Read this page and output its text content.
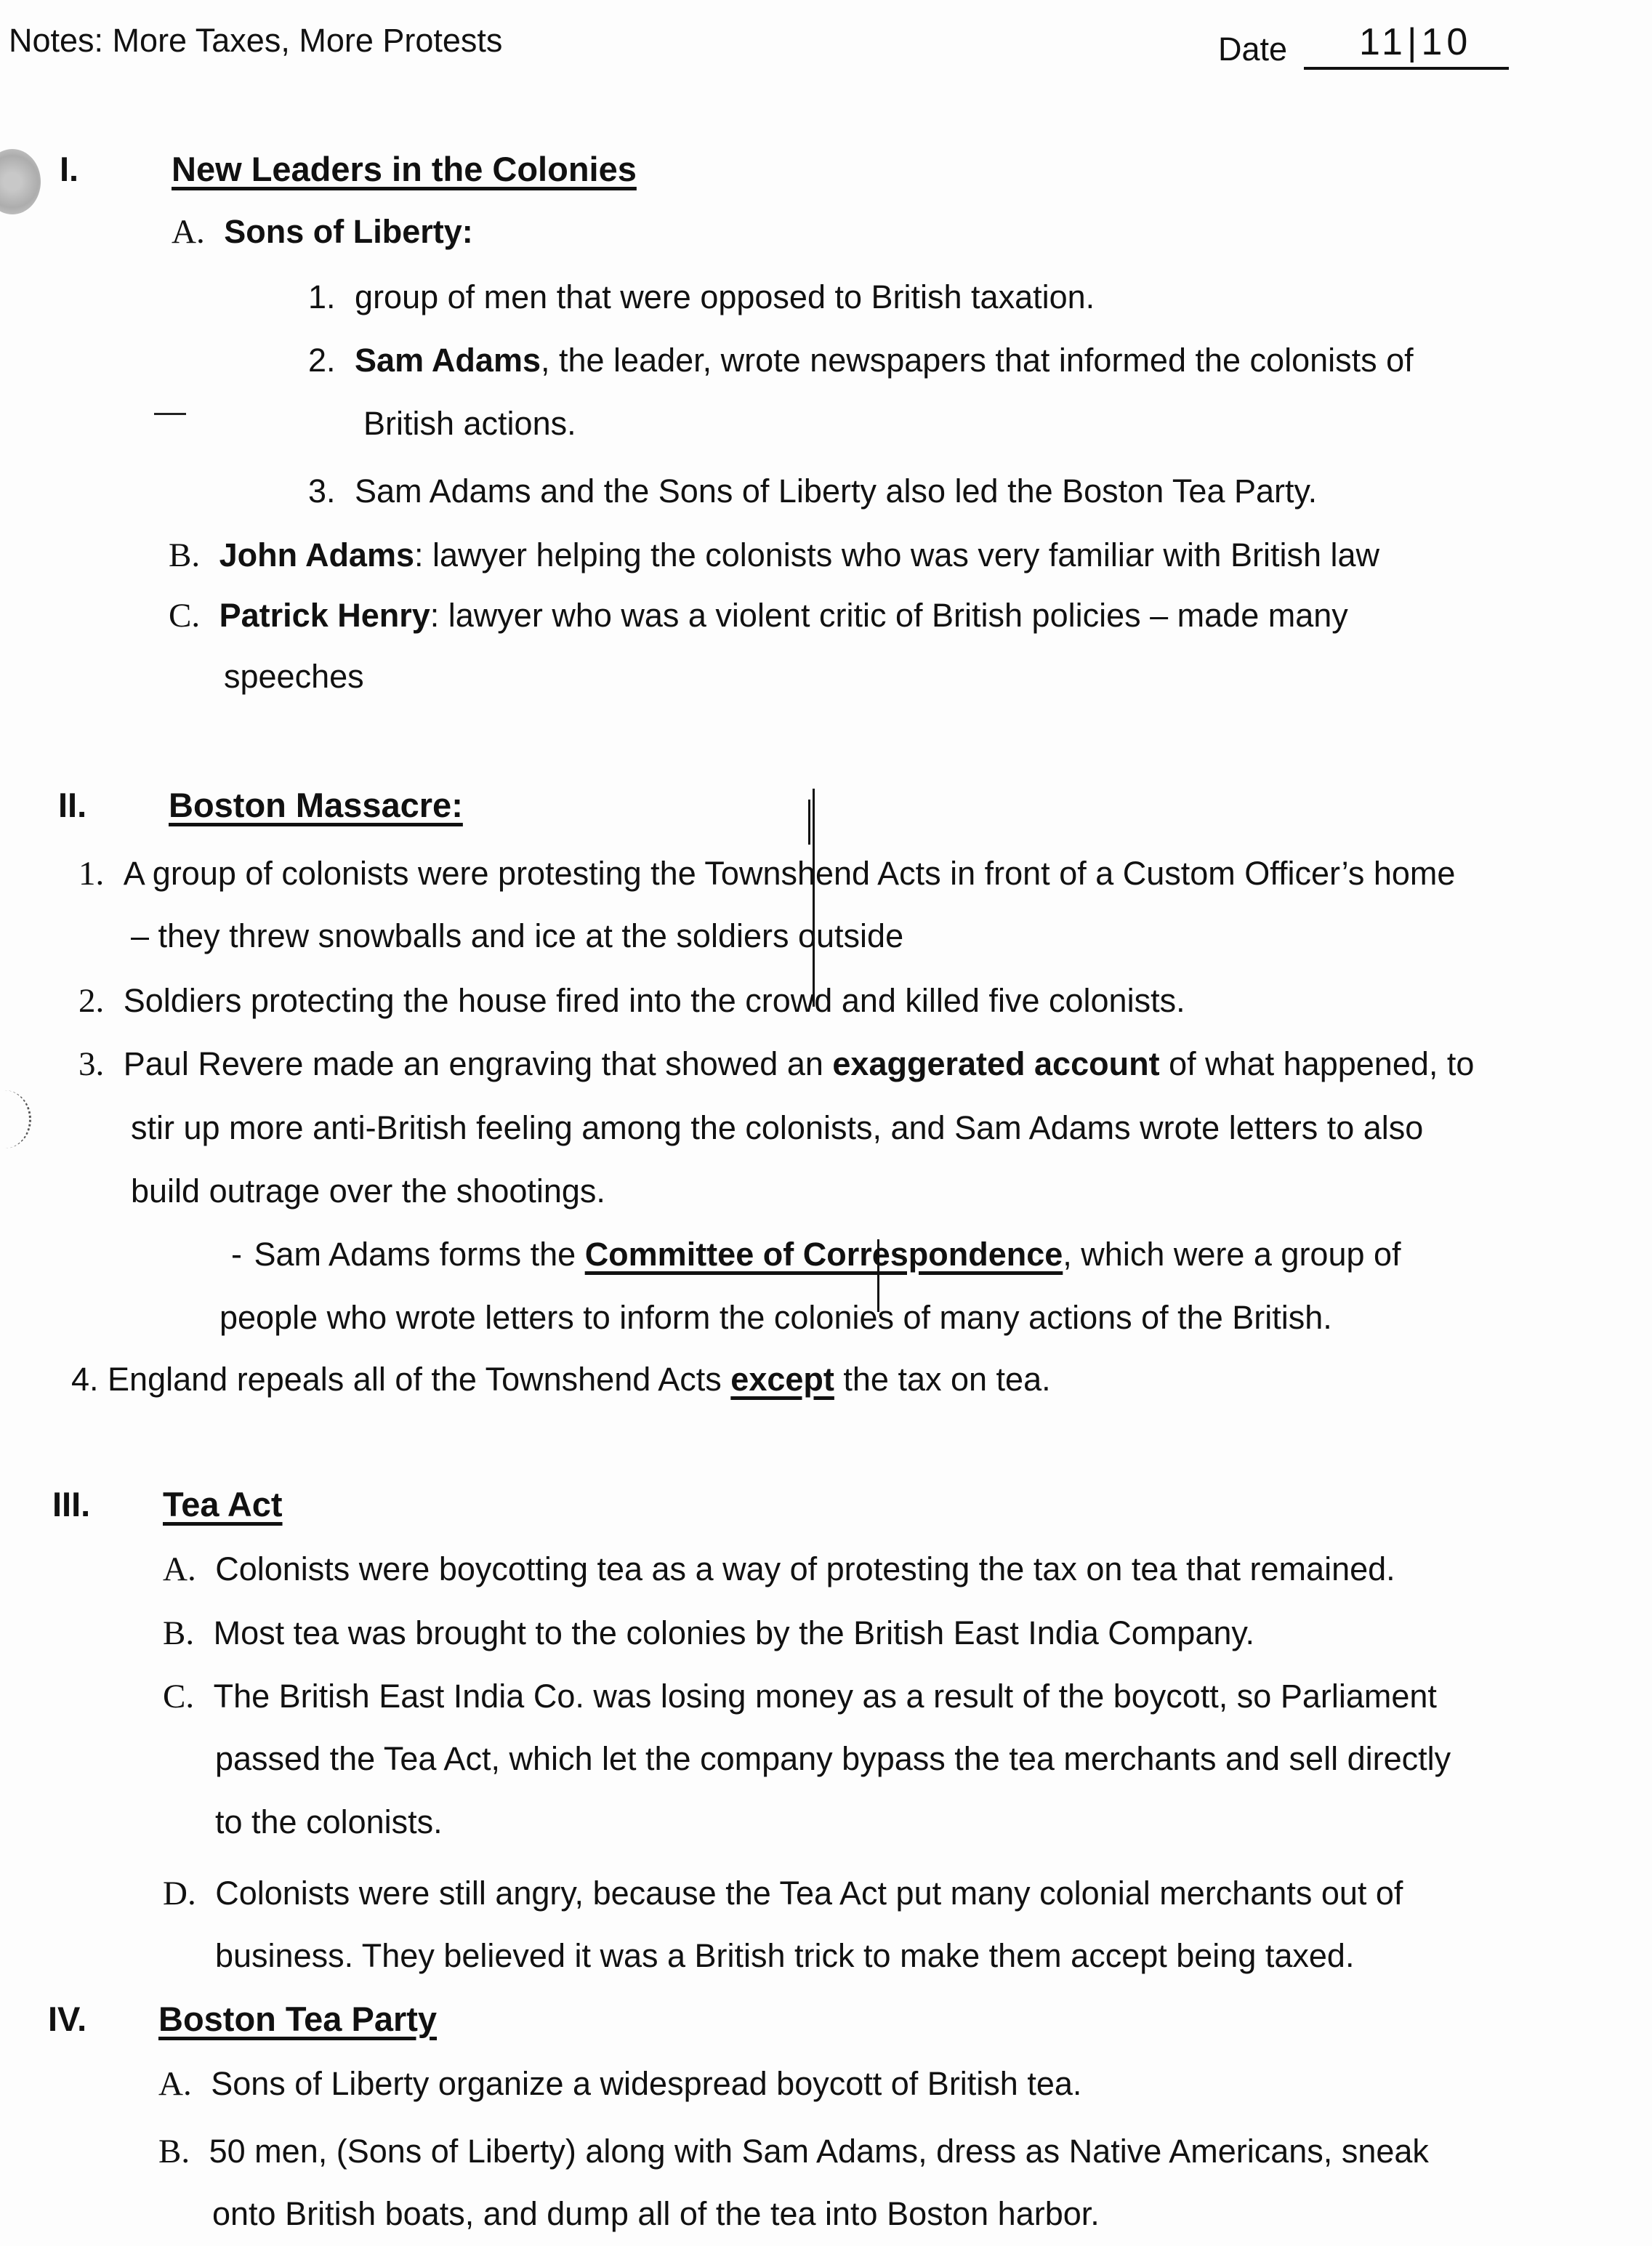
Notes: More Taxes, More Protests	Date 11|10
I.	New Leaders in the Colonies
A. Sons of Liberty:
1. group of men that were opposed to British taxation.
2. Sam Adams, the leader, wrote newspapers that informed the colonists of
British actions.
3. Sam Adams and the Sons of Liberty also led the Boston Tea Party.
B. John Adams: lawyer helping the colonists who was very familiar with British law
C. Patrick Henry: lawyer who was a violent critic of British policies – made many
speeches
II. Boston Massacre:
1. A group of colonists were protesting the Townshend Acts in front of a Custom Officer’s home
– they threw snowballs and ice at the soldiers outside
2. Soldiers protecting the house fired into the crowd and killed five colonists.
3. Paul Revere made an engraving that showed an exaggerated account of what happened, to
stir up more anti-British feeling among the colonists, and Sam Adams wrote letters to also
build outrage over the shootings.
- Sam Adams forms the Committee of Correspondence, which were a group of
people who wrote letters to inform the colonies of many actions of the British.
4. England repeals all of the Townshend Acts except the tax on tea.
III. Tea Act
A. Colonists were boycotting tea as a way of protesting the tax on tea that remained.
B. Most tea was brought to the colonies by the British East India Company.
C. The British East India Co. was losing money as a result of the boycott, so Parliament
passed the Tea Act, which let the company bypass the tea merchants and sell directly
to the colonists.
D. Colonists were still angry, because the Tea Act put many colonial merchants out of
business. They believed it was a British trick to make them accept being taxed.
IV. Boston Tea Party
A. Sons of Liberty organize a widespread boycott of British tea.
B. 50 men, (Sons of Liberty) along with Sam Adams, dress as Native Americans, sneak
onto British boats, and dump all of the tea into Boston harbor.
